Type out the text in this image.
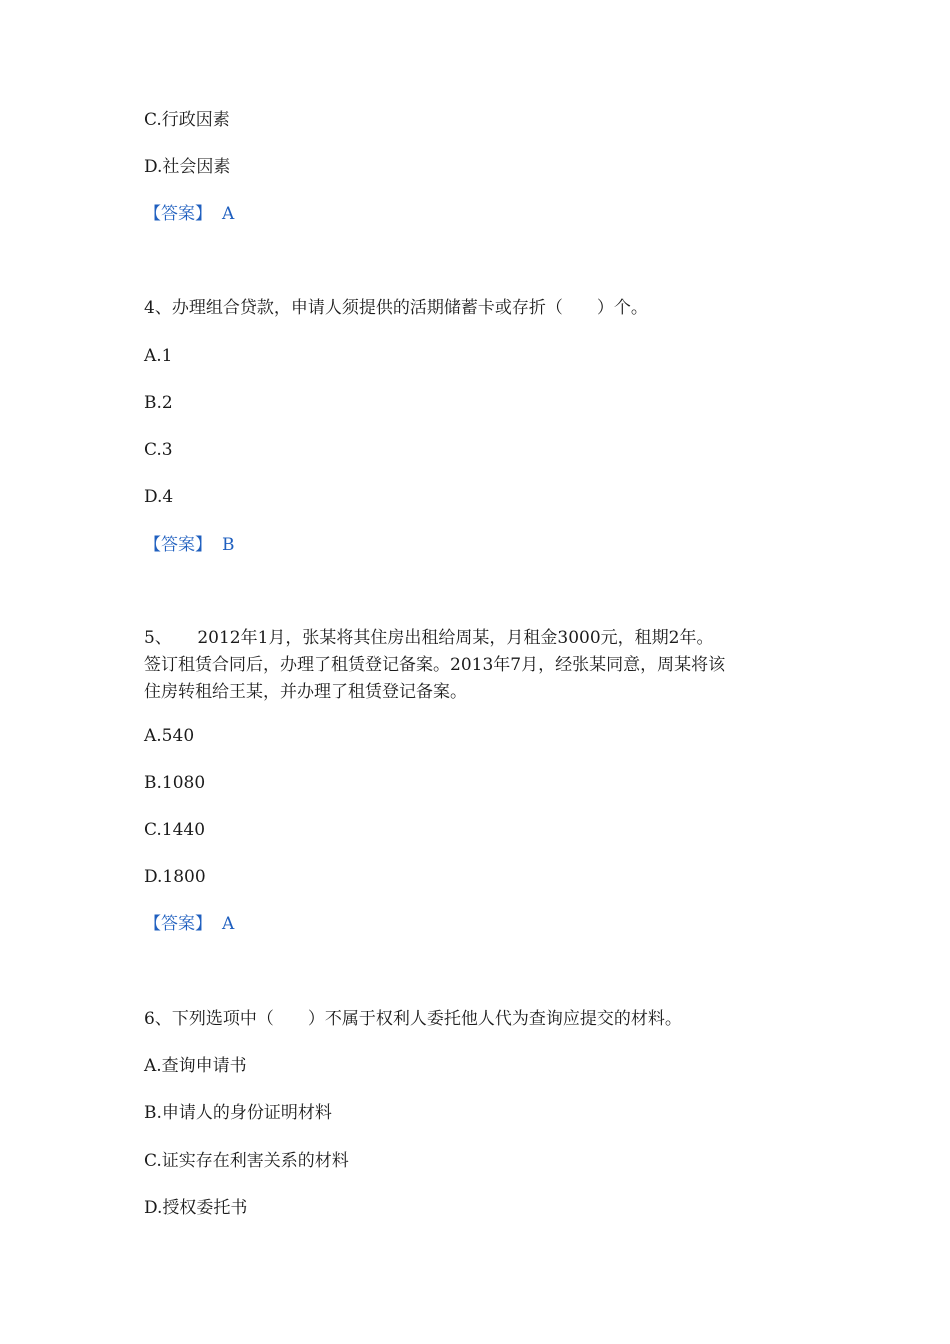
C.行政因素
D.社会因素
【答案】 A
4、办理组合贷款，申请人须提供的活期储蓄卡或存折（　　）个。
A.1
B.2
C.3
D.4
【答案】 B
5、　　2012年1月，张某将其住房出租给周某，月租金3000元，租期2年。
签订租赁合同后，办理了租赁登记备案。2013年7月，经张某同意，周某将该
住房转租给王某，并办理了租赁登记备案。
A.540
B.1080
C.1440
D.1800
【答案】 A
6、下列选项中（　　）不属于权利人委托他人代为查询应提交的材料。
A.查询申请书
B.申请人的身份证明材料
C.证实存在利害关系的材料
D.授权委托书
